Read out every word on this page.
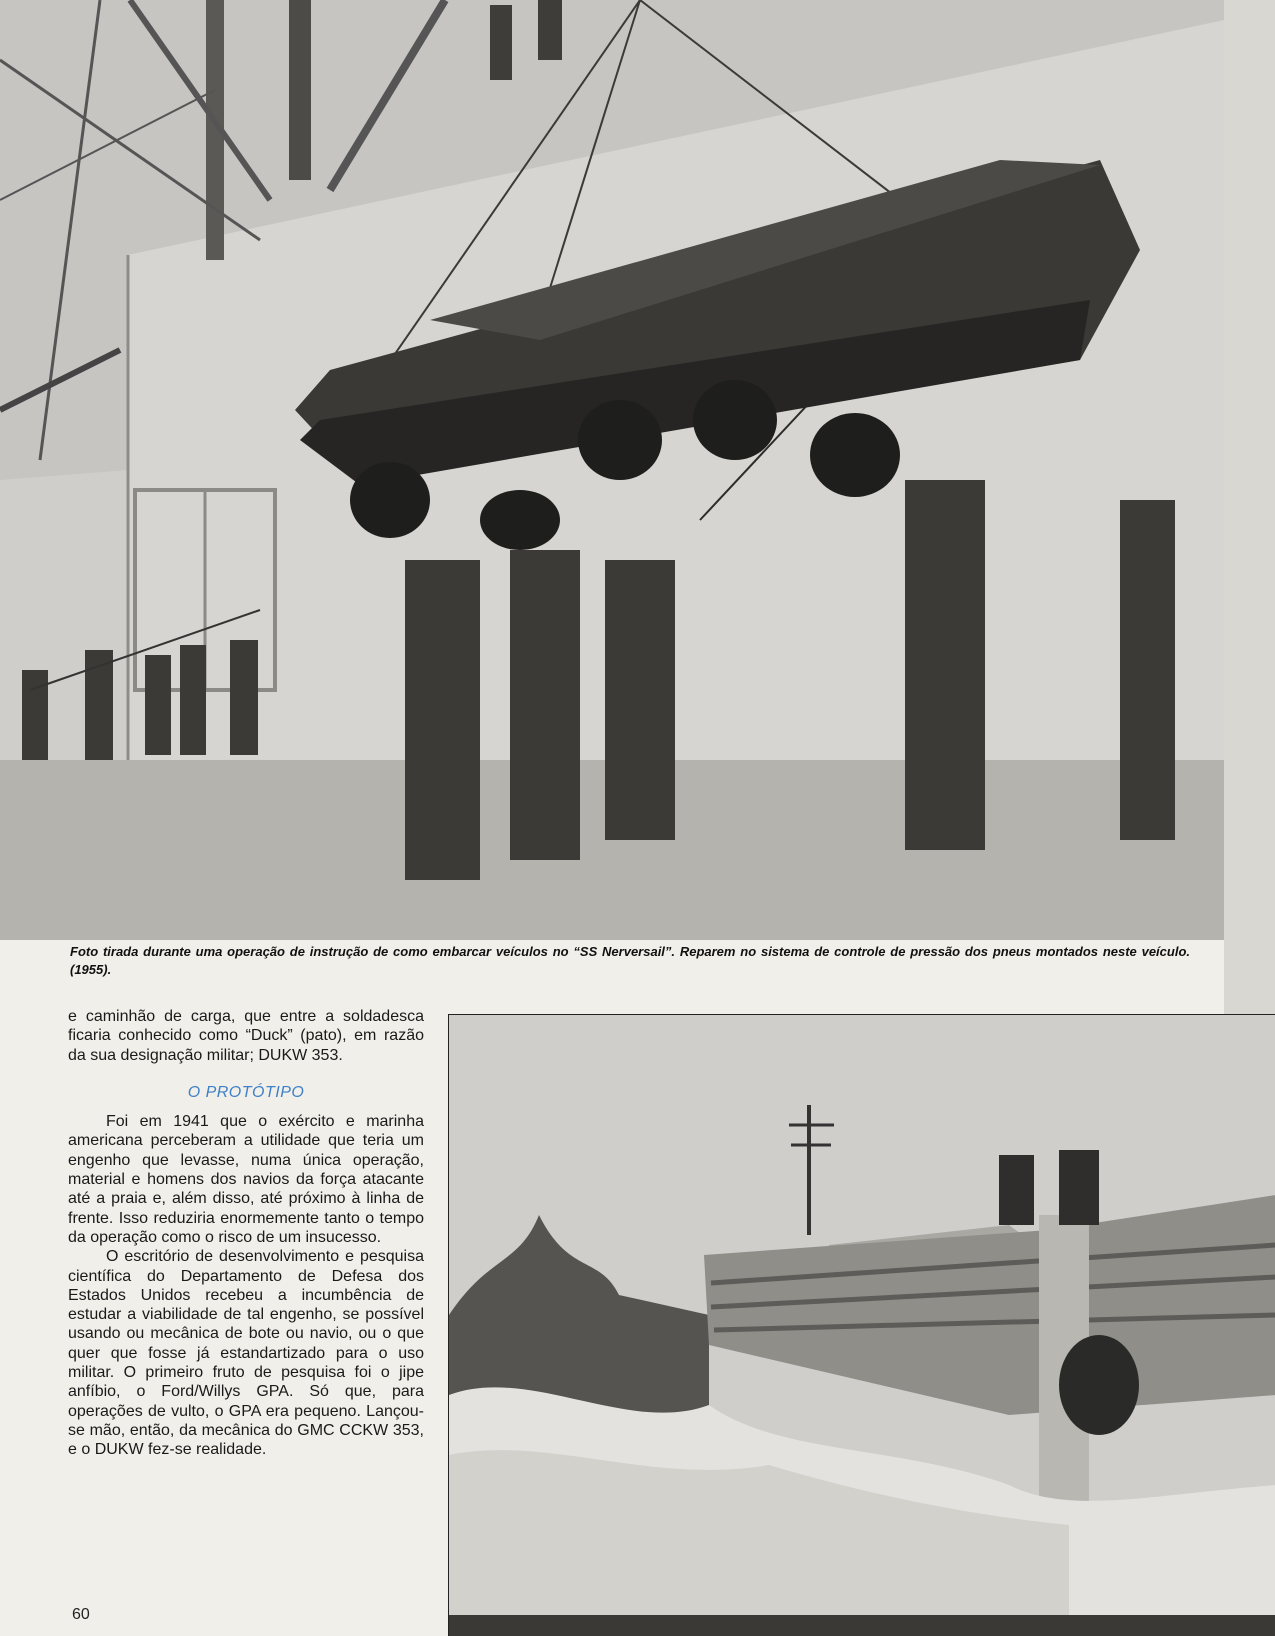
Foto tirada durante uma operação de instrução de como embarcar veículos no “SS Nerversail”. Reparem no sistema de controle de pressão dos pneus montados neste veículo. (1955).

e caminhão de carga, que entre a soldadesca ficaria conhecido como “Duck” (pato), em razão da sua designação militar; DUKW 353.

O PROTÓTIPO

Foi em 1941 que o exército e marinha americana perceberam a utilidade que teria um engenho que levasse, numa única operação, material e homens dos navios da força atacante até a praia e, além disso, até próximo à linha de frente. Isso reduziria enormemente tanto o tempo da operação como o risco de um insucesso.

O escritório de desenvolvimento e pesquisa científica do Departamento de Defesa dos Estados Unidos recebeu a incumbência de estudar a viabilidade de tal engenho, se possível usando ou mecânica de bote ou navio, ou o que quer que fosse já estandartizado para o uso militar. O primeiro fruto de pesquisa foi o jipe anfíbio, o Ford/Willys GPA. Só que, para operações de vulto, o GPA era pequeno. Lançou-se mão, então, da mecânica do GMC CCKW 353, e o DUKW fez-se realidade.

60
